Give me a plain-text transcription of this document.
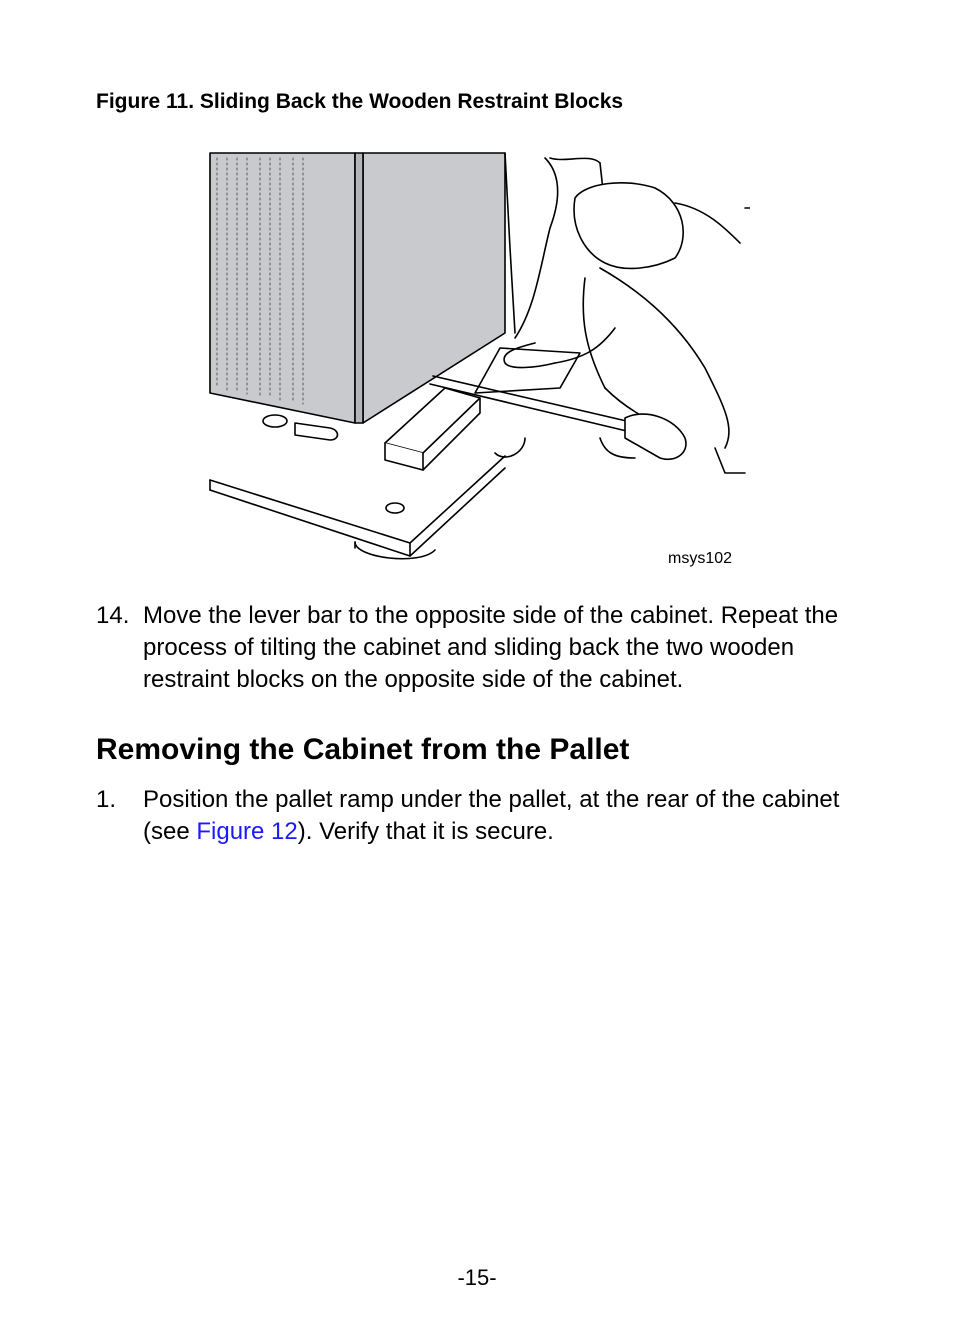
Figure 11. Sliding Back the Wooden Restraint Blocks
msys102
14. Move the lever bar to the opposite side of the cabinet. Repeat the process of tilting the cabinet and sliding back the two wooden restraint blocks on the opposite side of the cabinet.
Removing the Cabinet from the Pallet
1. Position the pallet ramp under the pallet, at the rear of the cabinet (see Figure 12). Verify that it is secure.
-15-
